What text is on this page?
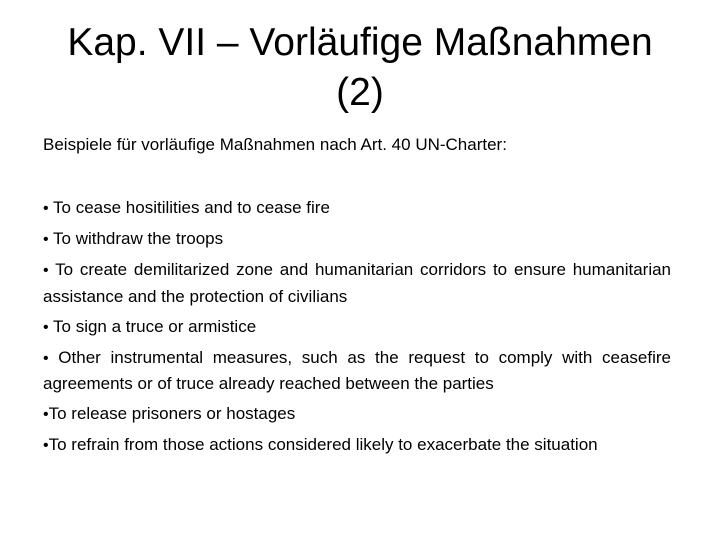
Kap. VII – Vorläufige Maßnahmen (2)

Beispiele für vorläufige Maßnahmen nach Art. 40 UN-Charter:

• To cease hositilities and to cease fire
• To withdraw the troops
• To create demilitarized zone and humanitarian corridors to ensure humanitarian assistance and the protection of civilians
• To sign a truce or armistice
• Other instrumental measures, such as the request to comply with ceasefire agreements or of truce already reached between the parties
•To release prisoners or hostages
•To refrain from those actions considered likely to exacerbate the situation
